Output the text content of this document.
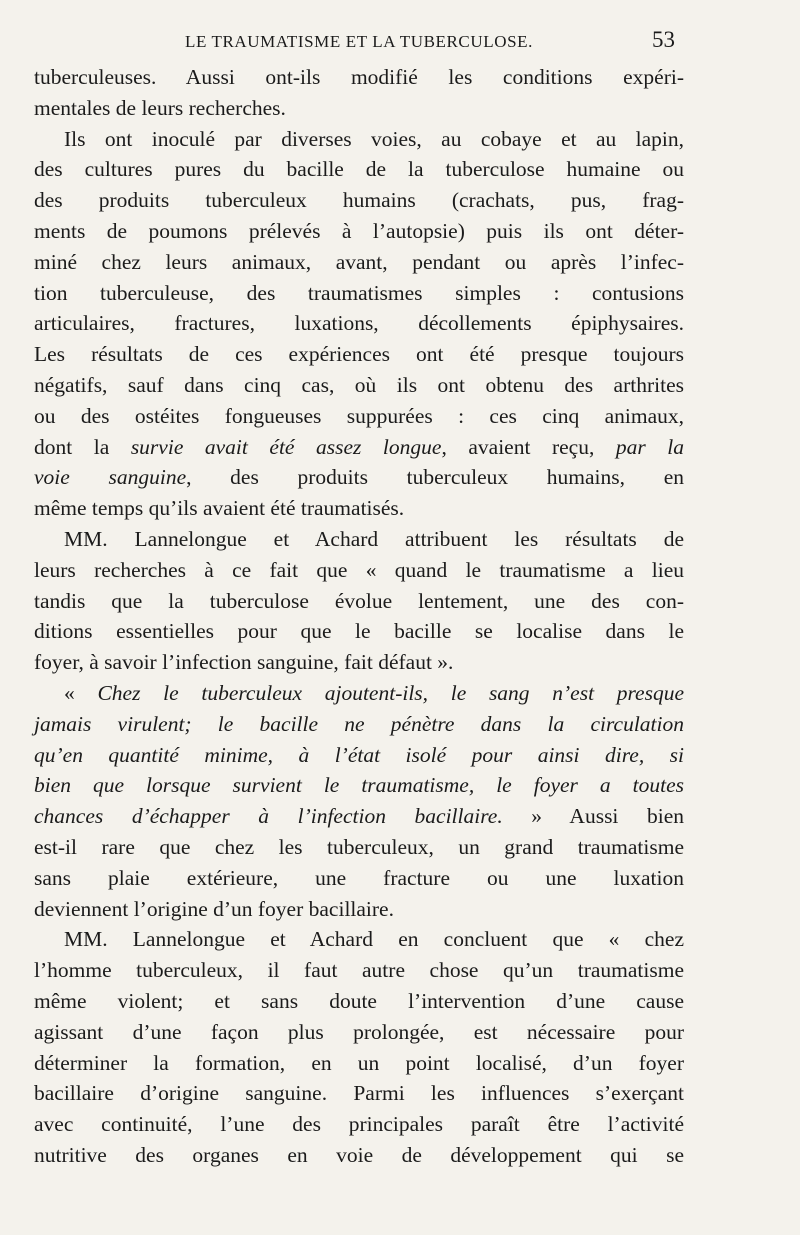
LE TRAUMATISME ET LA TUBERCULOSE.	53
tuberculeuses. Aussi ont-ils modifié les conditions expéri-
mentales de leurs recherches.
Ils ont inoculé par diverses voies, au cobaye et au lapin,
des cultures pures du bacille de la tuberculose humaine ou
des produits tuberculeux humains (crachats, pus, frag-
ments de poumons prélevés à l’autopsie) puis ils ont déter-
miné chez leurs animaux, avant, pendant ou après l’infec-
tion tuberculeuse, des traumatismes simples : contusions
articulaires, fractures, luxations, décollements épiphysaires.
Les résultats de ces expériences ont été presque toujours
négatifs, sauf dans cinq cas, où ils ont obtenu des arthrites
ou des ostéites fongueuses suppurées : ces cinq animaux,
dont la survie avait été assez longue, avaient reçu, par la
voie sanguine, des produits tuberculeux humains, en
même temps qu’ils avaient été traumatisés.
MM. Lannelongue et Achard attribuent les résultats de
leurs recherches à ce fait que « quand le traumatisme a lieu
tandis que la tuberculose évolue lentement, une des con-
ditions essentielles pour que le bacille se localise dans le
foyer, à savoir l’infection sanguine, fait défaut ».
« Chez le tuberculeux ajoutent-ils, le sang n’est presque
jamais virulent; le bacille ne pénètre dans la circulation
qu’en quantité minime, à l’état isolé pour ainsi dire, si
bien que lorsque survient le traumatisme, le foyer a toutes
chances d’échapper à l’infection bacillaire. » Aussi bien
est-il rare que chez les tuberculeux, un grand traumatisme
sans plaie extérieure, une fracture ou une luxation
deviennent l’origine d’un foyer bacillaire.
MM. Lannelongue et Achard en concluent que « chez
l’homme tuberculeux, il faut autre chose qu’un traumatisme
même violent; et sans doute l’intervention d’une cause
agissant d’une façon plus prolongée, est nécessaire pour
déterminer la formation, en un point localisé, d’un foyer
bacillaire d’origine sanguine. Parmi les influences s’exerçant
avec continuité, l’une des principales paraît être l’activité
nutritive des organes en voie de développement qui se
